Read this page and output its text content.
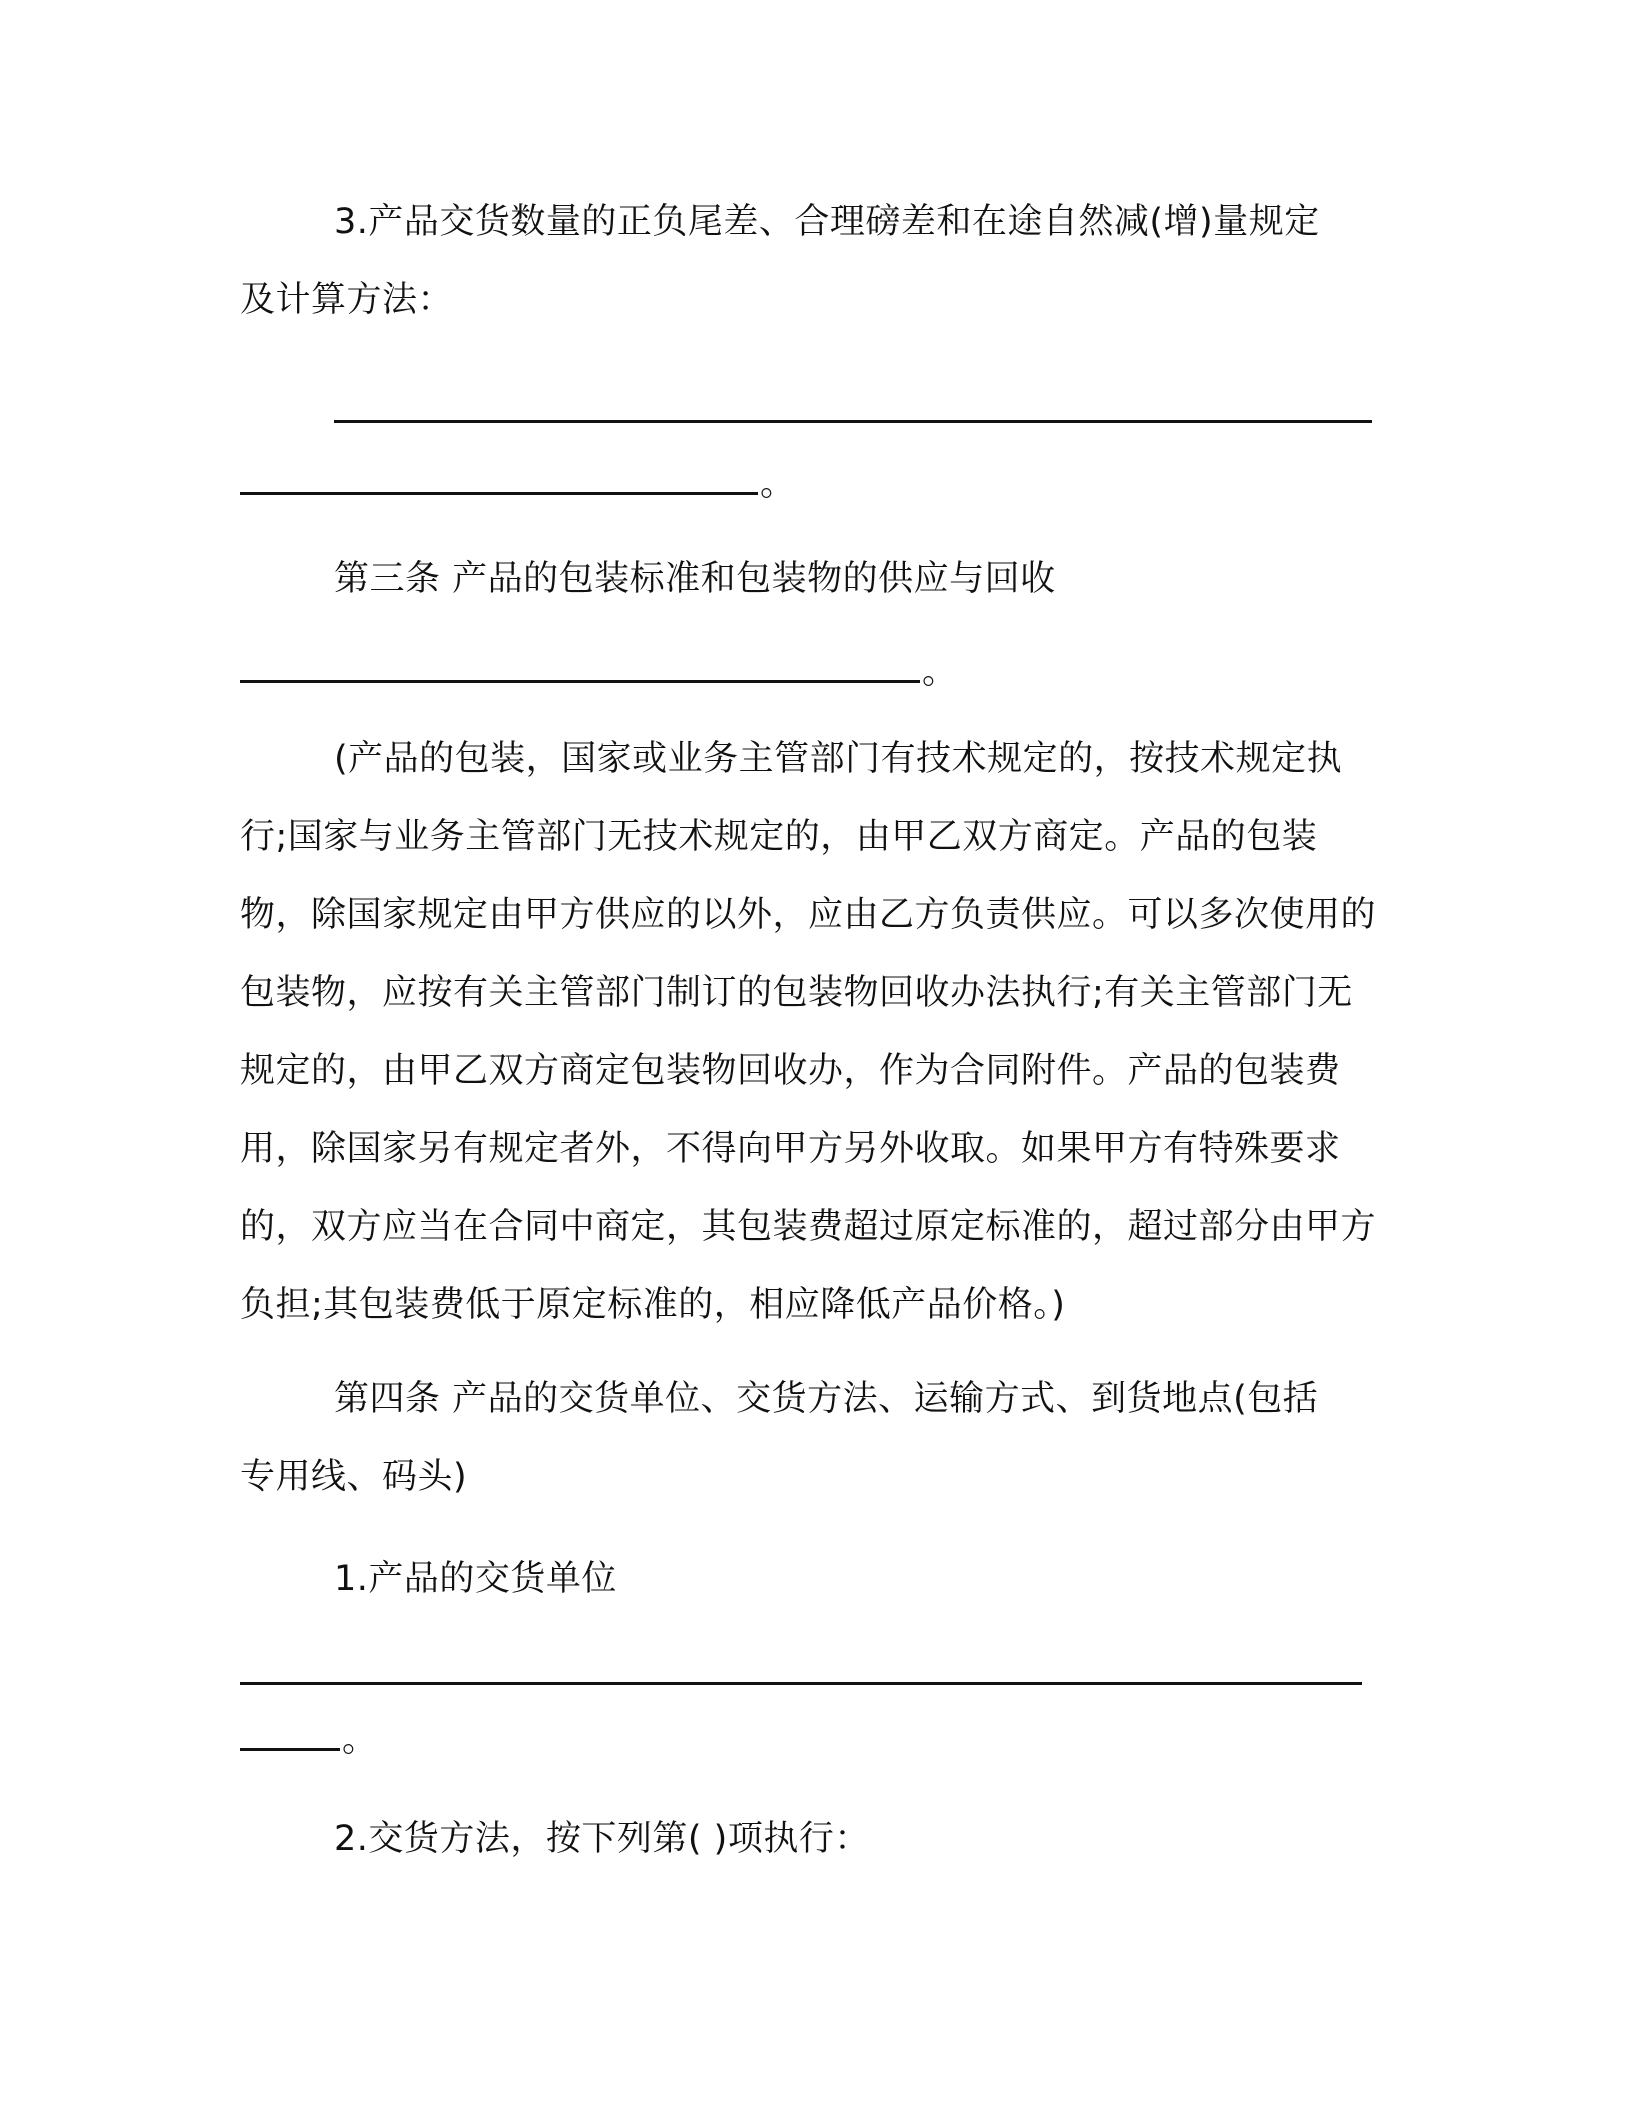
3.产品交货数量的正负尾差、合理磅差和在途自然减(增)量规定
及计算方法：
。
第三条 产品的包装标准和包装物的供应与回收
。
(产品的包装，国家或业务主管部门有技术规定的，按技术规定执行;国家与业务主管部门无技术规定的，由甲乙双方商定。产品的包装物，除国家规定由甲方供应的以外，应由乙方负责供应。可以多次使用的包装物，应按有关主管部门制订的包装物回收办法执行;有关主管部门无规定的，由甲乙双方商定包装物回收办，作为合同附件。产品的包装费用，除国家另有规定者外，不得向甲方另外收取。如果甲方有特殊要求的，双方应当在合同中商定，其包装费超过原定标准的，超过部分由甲方负担;其包装费低于原定标准的，相应降低产品价格。)
第四条 产品的交货单位、交货方法、运输方式、到货地点(包括
专用线、码头)
1.产品的交货单位
。
2.交货方法，按下列第( )项执行：
